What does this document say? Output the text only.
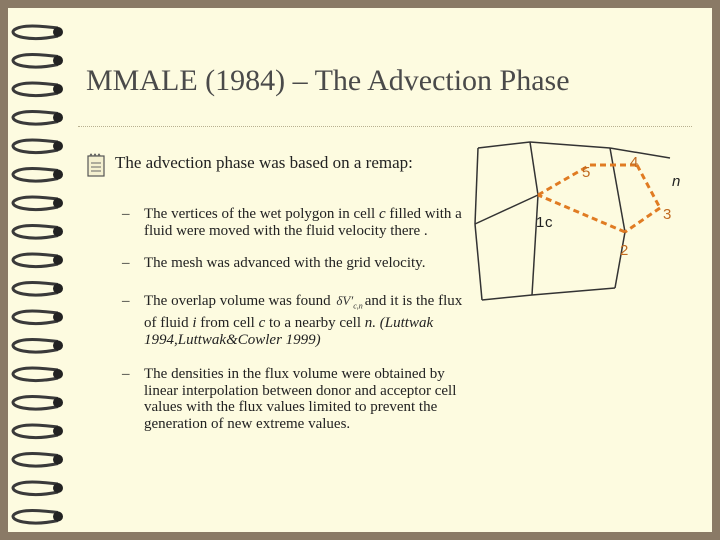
MMALE (1984) – The Advection Phase
The advection phase was based on a remap:
– The vertices of the wet polygon in cell c filled with a fluid were moved with the fluid velocity there .
– The mesh was advanced with the grid velocity.
– The overlap volume was found $\delta V'_{c,n}$ and it is the flux of fluid i from cell c to a nearby cell n. (Luttwak 1994,Luttwak&Cowler 1999)
– The densities in the flux volume were obtained by linear interpolation between donor and acceptor cell values with the flux values limited to prevent the generation of new extreme values.
1 c
2
3
4
5
n
